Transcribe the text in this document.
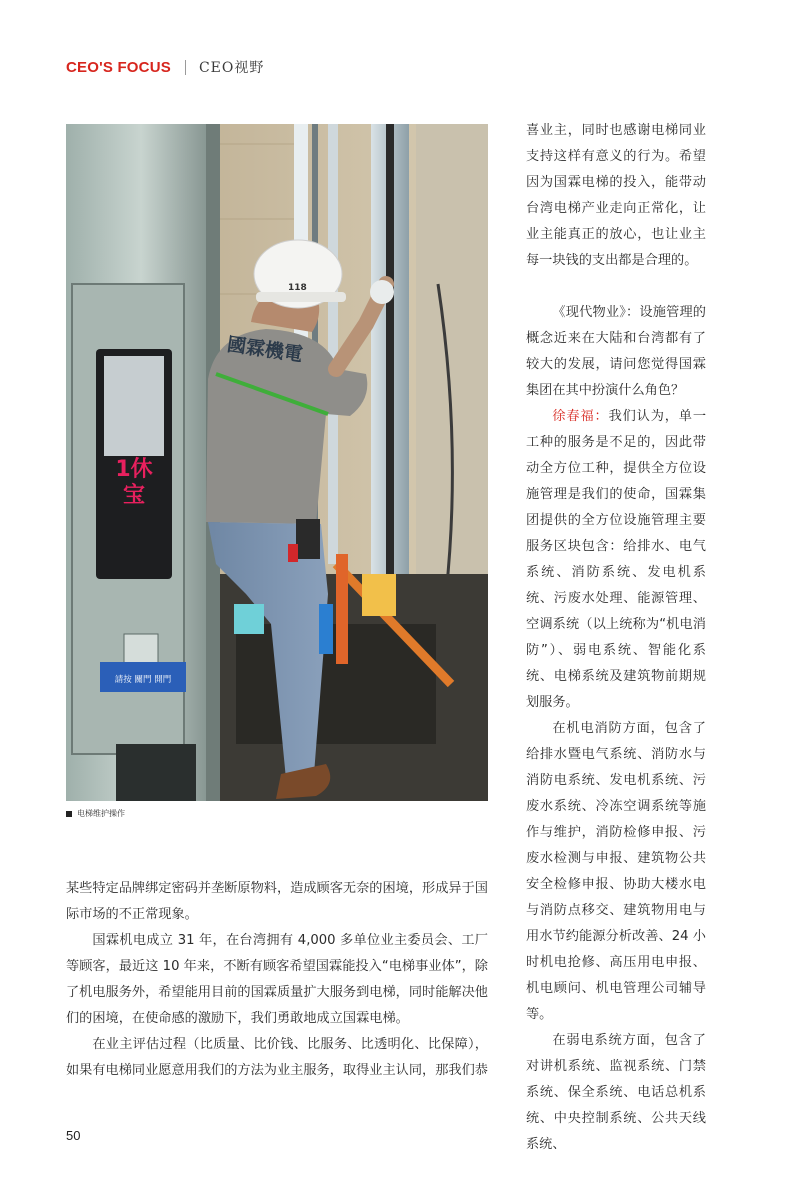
CEO'S FOCUS CEO视野
1休
宝
請按 關門 開門
國霖機電
118
电梯维护操作

某些特定品牌绑定密码并垄断原物料，造成顾客无奈的困境，形成异于国际市场的不正常现象。

国霖机电成立 31 年，在台湾拥有 4,000 多单位业主委员会、工厂等顾客，最近这 10 年来，不断有顾客希望国霖能投入“电梯事业体”，除了机电服务外，希望能用目前的国霖质量扩大服务到电梯，同时能解决他们的困境，在使命感的激励下，我们勇敢地成立国霖电梯。

在业主评估过程（比质量、比价钱、比服务、比透明化、比保障），如果有电梯同业愿意用我们的方法为业主服务，取得业主认同，那我们恭

喜业主，同时也感谢电梯同业支持这样有意义的行为。希望因为国霖电梯的投入，能带动台湾电梯产业走向正常化，让业主能真正的放心，也让业主每一块钱的支出都是合理的。

《现代物业》：设施管理的概念近来在大陆和台湾都有了较大的发展，请问您觉得国霖集团在其中扮演什么角色？

徐春福：我们认为，单一工种的服务是不足的，因此带动全方位工种，提供全方位设施管理是我们的使命，国霖集团提供的全方位设施管理主要服务区块包含：给排水、电气系统、消防系统、发电机系统、污废水处理、能源管理、空调系统（以上统称为“机电消防”）、弱电系统、智能化系统、电梯系统及建筑物前期规划服务。

在机电消防方面，包含了给排水暨电气系统、消防水与消防电系统、发电机系统、污废水系统、冷冻空调系统等施作与维护，消防检修申报、污废水检测与申报、建筑物公共安全检修申报、协助大楼水电与消防点移交、建筑物用电与用水节约能源分析改善、24 小时机电抢修、高压用电申报、机电顾问、机电管理公司辅导等。

在弱电系统方面，包含了对讲机系统、监视系统、门禁系统、保全系统、电话总机系统、中央控制系统、公共天线系统、

50
